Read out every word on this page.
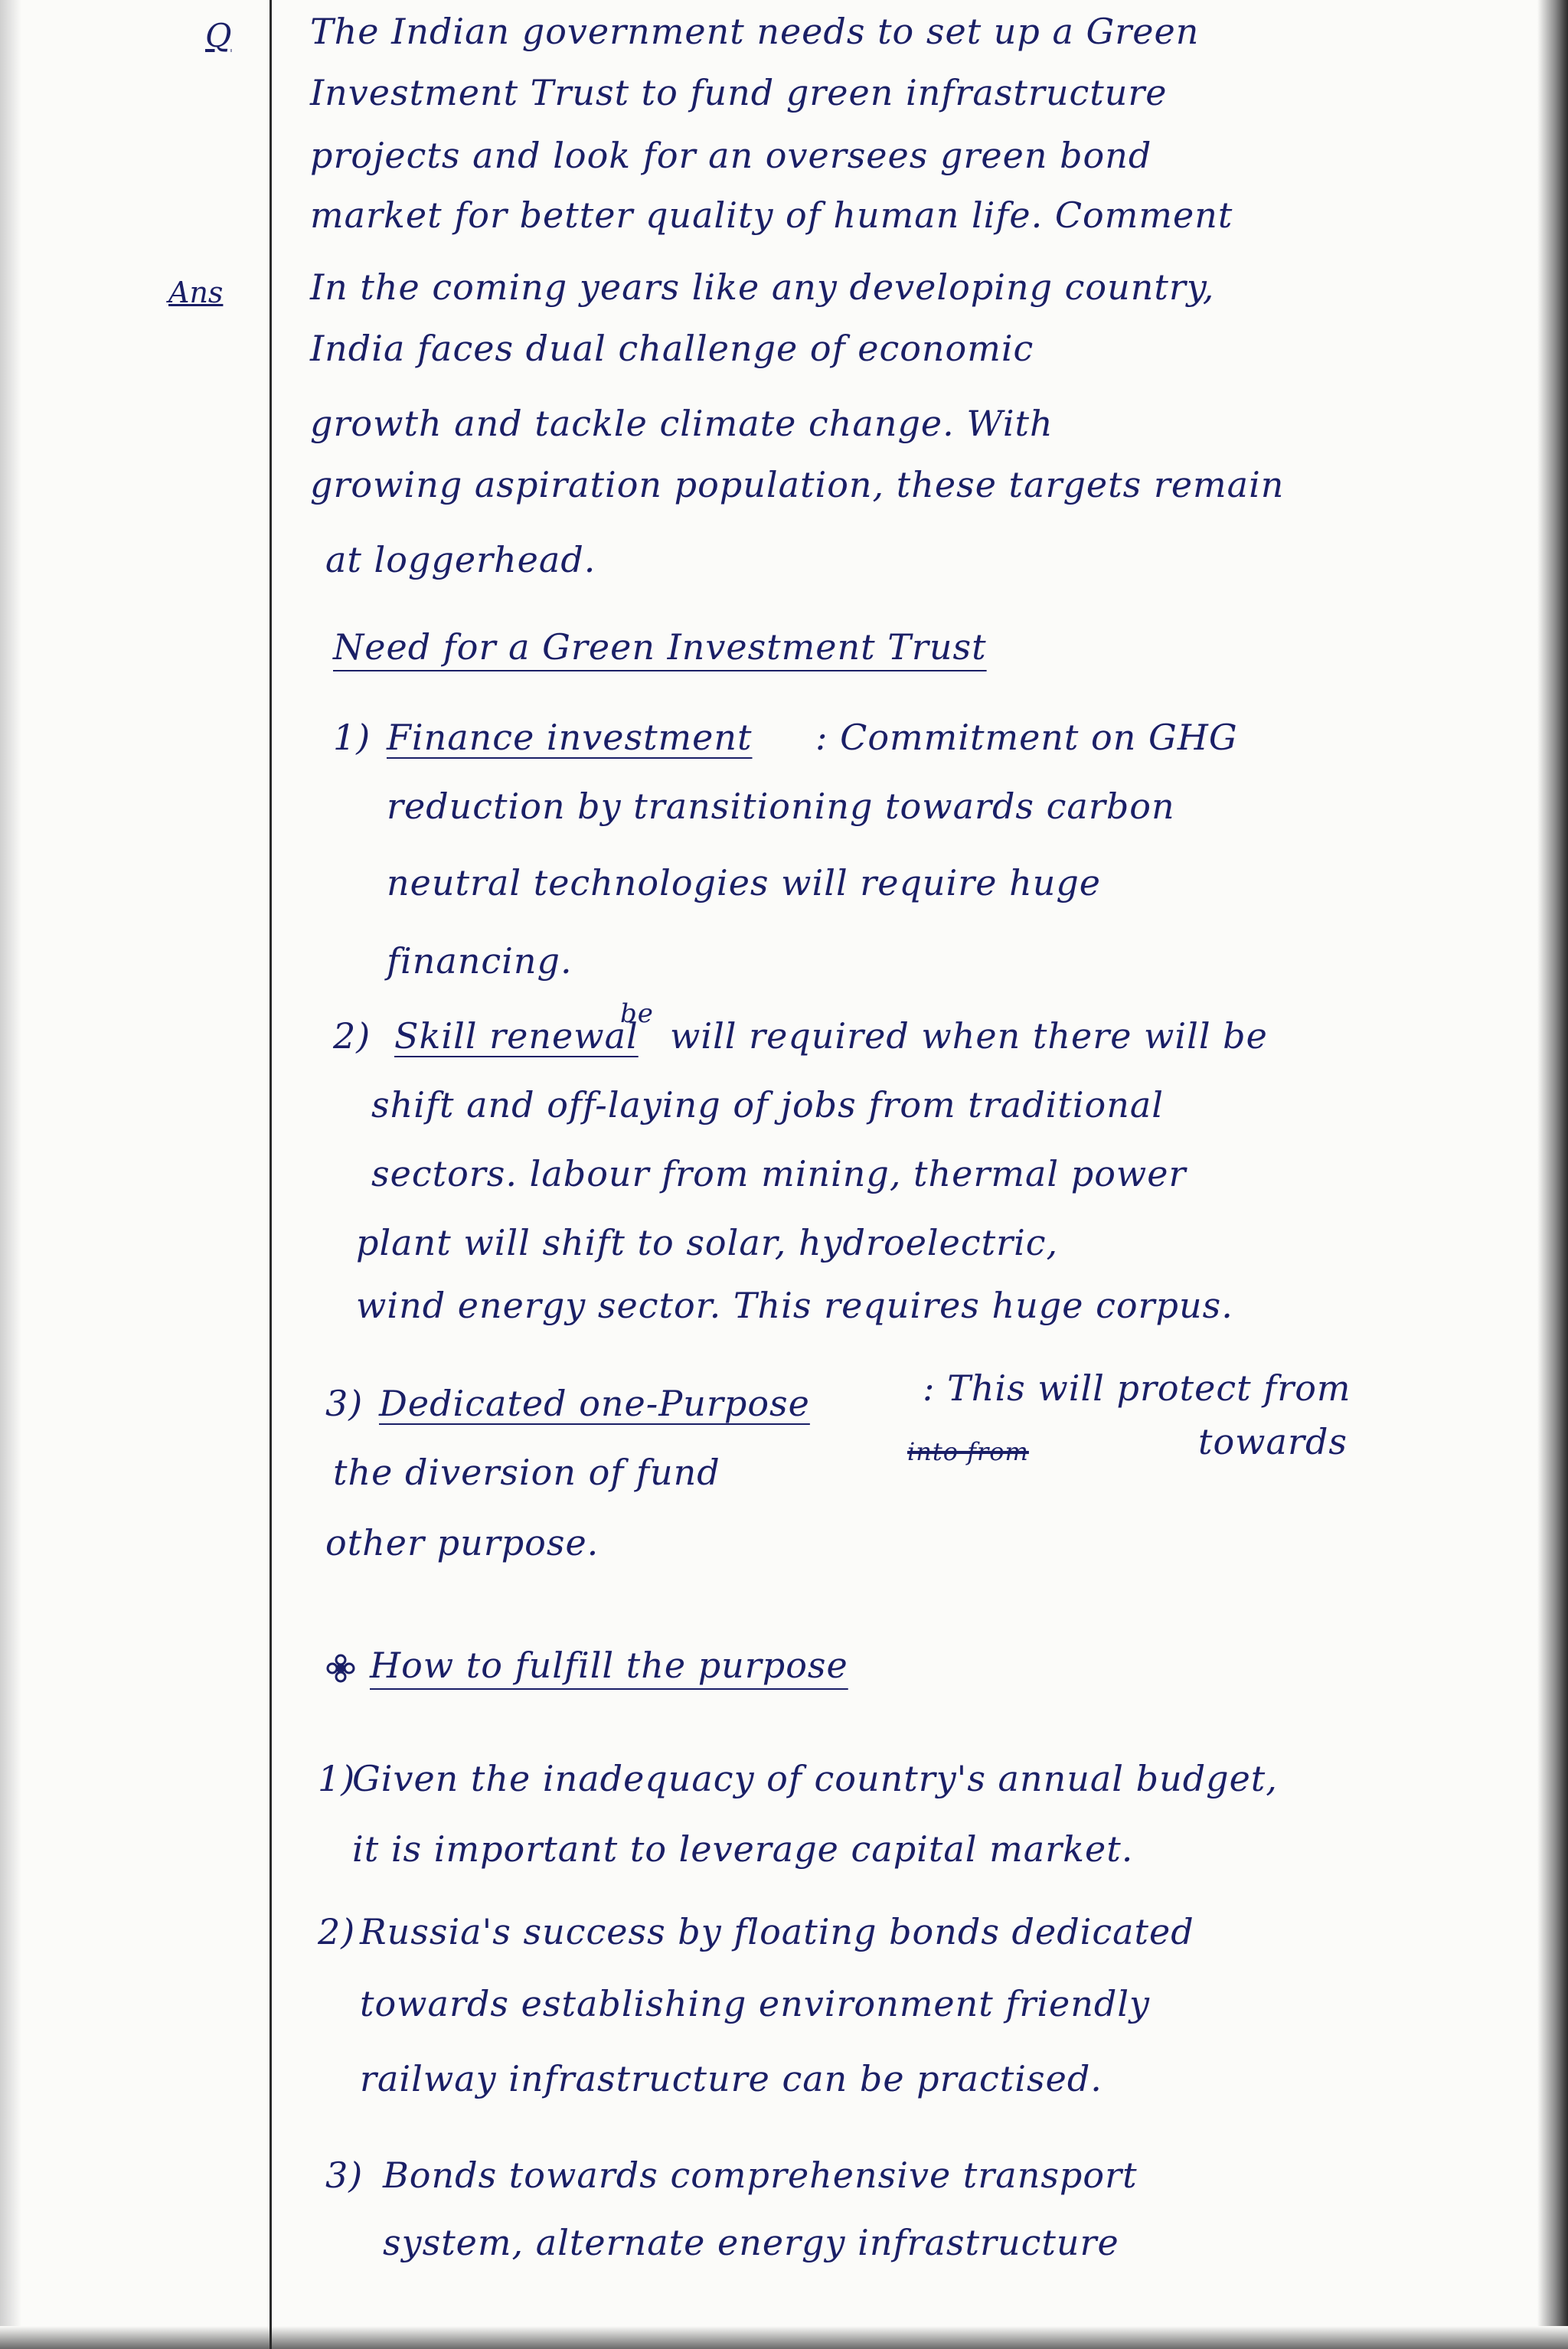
Q
Ans
The Indian government needs to set up a Green
Investment Trust to fund green infrastructure
projects and look for an oversees green bond
market for better quality of human life. Comment
In the coming years like any developing country,
India faces dual challenge of economic
growth and tackle climate change. With
growing aspiration population, these targets remain
at loggerhead.
Need for a Green Investment Trust
1) Finance investment : Commitment on GHG
reduction by transitioning towards carbon
neutral technologies will require huge
financing.
2) Skill renewal
$^{be}$
will required when there will be
shift and off-laying of jobs from traditional
sectors. labour from mining, thermal power
plant will shift to solar, hydroelectric,
wind energy sector. This requires huge corpus.
3) Dedicated one-Purpose	: This will protect from
the diversion of fund	into from	towards
other purpose.
How to fulfill the purpose
1)
Given the inadequacy of country's annual budget,
it is important to leverage capital market.
2) Russia's success by floating bonds dedicated
towards establishing environment friendly
railway infrastructure can be practised.
3) Bonds towards comprehensive transport
system, alternate energy infrastructure
